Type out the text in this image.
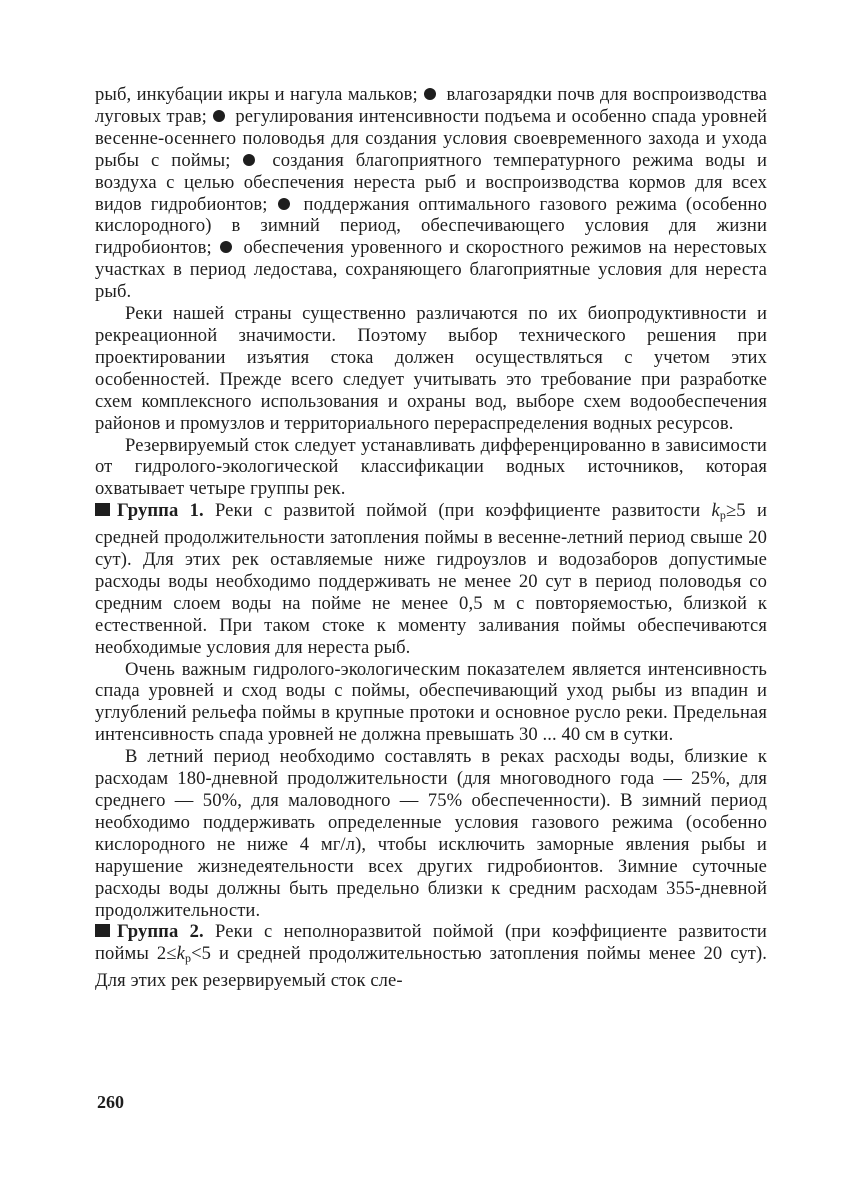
рыб, инкубации икры и нагула мальков; влагозарядки почв для воспроизводства луговых трав; регулирования интенсивности подъема и особенно спада уровней весенне-осеннего половодья для создания условия своевременного захода и ухода рыбы с поймы; создания благоприятного температурного режима воды и воздуха с целью обеспечения нереста рыб и воспроизводства кормов для всех видов гидробионтов; поддержания оптимального газового режима (особенно кислородного) в зимний период, обеспечивающего условия для жизни гидробионтов; обеспечения уровенного и скоростного режимов на нерестовых участках в период ледостава, сохраняющего благоприятные условия для нереста рыб.

Реки нашей страны существенно различаются по их биопродуктивности и рекреационной значимости. Поэтому выбор технического решения при проектировании изъятия стока должен осуществляться с учетом этих особенностей. Прежде всего следует учитывать это требование при разработке схем комплексного использования и охраны вод, выборе схем водообеспечения районов и промузлов и территориального перераспределения водных ресурсов.

Резервируемый сток следует устанавливать дифференцированно в зависимости от гидролого-экологической классификации водных источников, которая охватывает четыре группы рек.

Группа 1. Реки с развитой поймой (при коэффициенте развитости kp≥5 и средней продолжительности затопления поймы в весенне-летний период свыше 20 сут). Для этих рек оставляемые ниже гидроузлов и водозаборов допустимые расходы воды необходимо поддерживать не менее 20 сут в период половодья со средним слоем воды на пойме не менее 0,5 м с повторяемостью, близкой к естественной. При таком стоке к моменту заливания поймы обеспечиваются необходимые условия для нереста рыб.

Очень важным гидролого-экологическим показателем является интенсивность спада уровней и сход воды с поймы, обеспечивающий уход рыбы из впадин и углублений рельефа поймы в крупные протоки и основное русло реки. Предельная интенсивность спада уровней не должна превышать 30 ... 40 см в сутки.

В летний период необходимо составлять в реках расходы воды, близкие к расходам 180-дневной продолжительности (для многоводного года — 25%, для среднего — 50%, для маловодного — 75% обеспеченности). В зимний период необходимо поддерживать определенные условия газового режима (особенно кислородного не ниже 4 мг/л), чтобы исключить заморные явления рыбы и нарушение жизнедеятельности всех других гидробионтов. Зимние суточные расходы воды должны быть предельно близки к средним расходам 355-дневной продолжительности.

Группа 2. Реки с неполноразвитой поймой (при коэффициенте развитости поймы 2≤kp<5 и средней продолжительностью затопления поймы менее 20 сут). Для этих рек резервируемый сток сле-

260
